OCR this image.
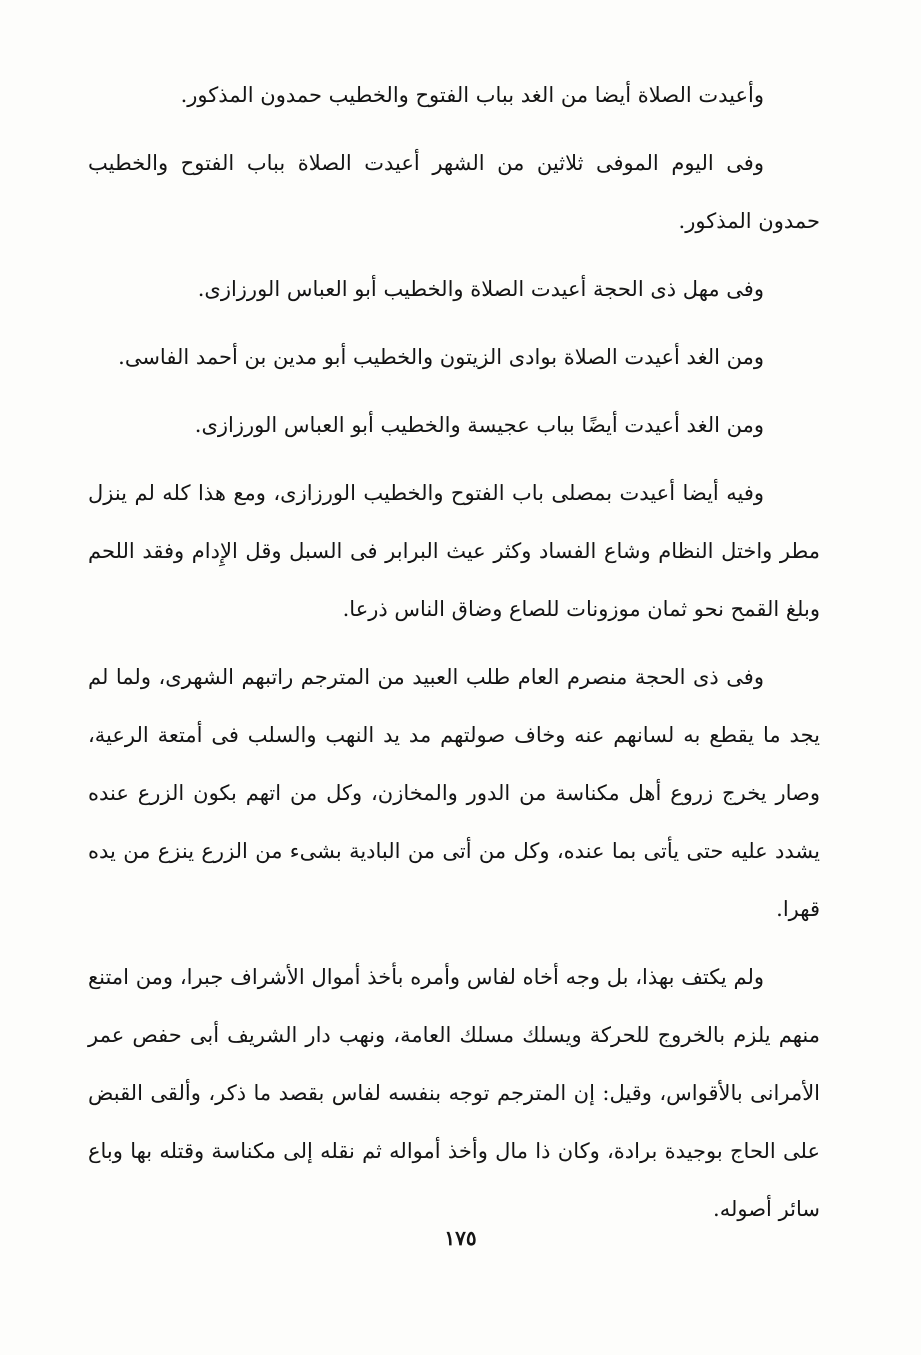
وأعيدت الصلاة أيضا من الغد بباب الفتوح والخطيب حمدون المذكور.

وفى اليوم الموفى ثلاثين من الشهر أعيدت الصلاة بباب الفتوح والخطيب حمدون المذكور.

وفى مهل ذى الحجة أعيدت الصلاة والخطيب أبو العباس الورزازى.

ومن الغد أعيدت الصلاة بوادى الزيتون والخطيب أبو مدين بن أحمد الفاسى.

ومن الغد أعيدت أيضًا بباب عجيسة والخطيب أبو العباس الورزازى.

وفيه أيضا أعيدت بمصلى باب الفتوح والخطيب الورزازى، ومع هذا كله لم ينزل مطر واختل النظام وشاع الفساد وكثر عيث البرابر فى السبل وقل الإِدام وفقد اللحم وبلغ القمح نحو ثمان موزونات للصاع وضاق الناس ذرعا.

وفى ذى الحجة منصرم العام طلب العبيد من المترجم راتبهم الشهرى، ولما لم يجد ما يقطع به لسانهم عنه وخاف صولتهم مد يد النهب والسلب فى أمتعة الرعية، وصار يخرج زروع أهل مكناسة من الدور والمخازن، وكل من اتهم بكون الزرع عنده يشدد عليه حتى يأتى بما عنده، وكل من أتى من البادية بشىء من الزرع ينزع من يده قهرا.

ولم يكتف بهذا، بل وجه أخاه لفاس وأمره بأخذ أموال الأشراف جبرا، ومن امتنع منهم يلزم بالخروج للحركة ويسلك مسلك العامة، ونهب دار الشريف أبى حفص عمر الأمرانى بالأقواس، وقيل: إن المترجم توجه بنفسه لفاس بقصد ما ذكر، وألقى القبض على الحاج بوجيدة برادة، وكان ذا مال وأخذ أمواله ثم نقله إلى مكناسة وقتله بها وباع سائر أصوله.

١٧٥
